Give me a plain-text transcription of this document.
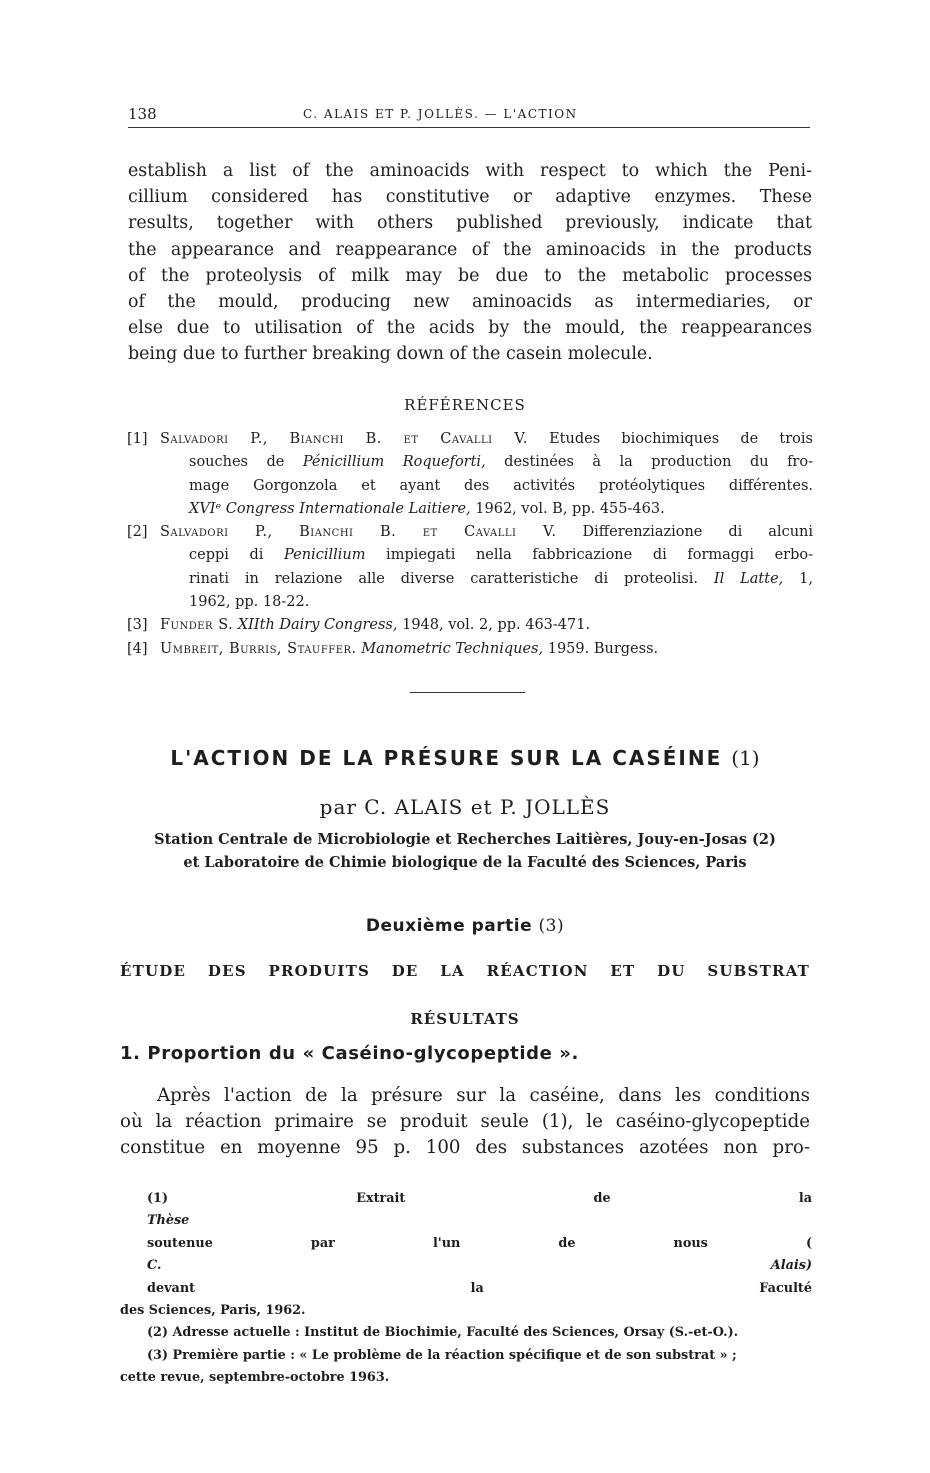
138	C. ALAIS ET P. JOLLÈS. — L'ACTION
establish a list of the aminoacids with respect to which the Peni-
cillium considered has constitutive or adaptive enzymes. These
results, together with others published previously, indicate that
the appearance and reappearance of the aminoacids in the products
of the proteolysis of milk may be due to the metabolic processes
of the mould, producing new aminoacids as intermediaries, or
else due to utilisation of the acids by the mould, the reappearances
being due to further breaking down of the casein molecule.
RÉFÉRENCES
[1] Salvadori P., Bianchi B. et Cavalli V. Etudes biochimiques de trois
souches de Pénicillium Roqueforti, destinées à la production du fro-
mage Gorgonzola et ayant des activités protéolytiques différentes.
XVIᵉ Congress Internationale Laitiere, 1962, vol. B, pp. 455-463.
[2] Salvadori P., Bianchi B. et Cavalli V. Differenziazione di alcuni
ceppi di Penicillium impiegati nella fabbricazione di formaggi erbo-
rinati in relazione alle diverse caratteristiche di proteolisi. Il Latte, 1,
1962, pp. 18-22.
[3] Funder S. XIIth Dairy Congress, 1948, vol. 2, pp. 463-471.
[4] Umbreit, Burris, Stauffer. Manometric Techniques, 1959. Burgess.
L'ACTION DE LA PRÉSURE SUR LA CASÉINE (1)
par C. ALAIS et P. JOLLÈS
Station Centrale de Microbiologie et Recherches Laitières, Jouy-en-Josas (2)
et Laboratoire de Chimie biologique de la Faculté des Sciences, Paris
Deuxième partie (3)
ÉTUDE DES PRODUITS DE LA RÉACTION ET DU SUBSTRAT
RÉSULTATS
1. Proportion du « Caséino-glycopeptide ».
Après l'action de la présure sur la caséine, dans les conditions
où la réaction primaire se produit seule (1), le caséino-glycopeptide
constitue en moyenne 95 p. 100 des substances azotées non pro-
(1) Extrait de la
Thèse
soutenue par l'un de nous (
C. Alais)
devant la Faculté
des Sciences, Paris, 1962.
(2) Adresse actuelle : Institut de Biochimie, Faculté des Sciences, Orsay (S.-et-O.).
(3) Première partie : « Le problème de la réaction spécifique et de son substrat » ;
cette revue, septembre-octobre 1963.
